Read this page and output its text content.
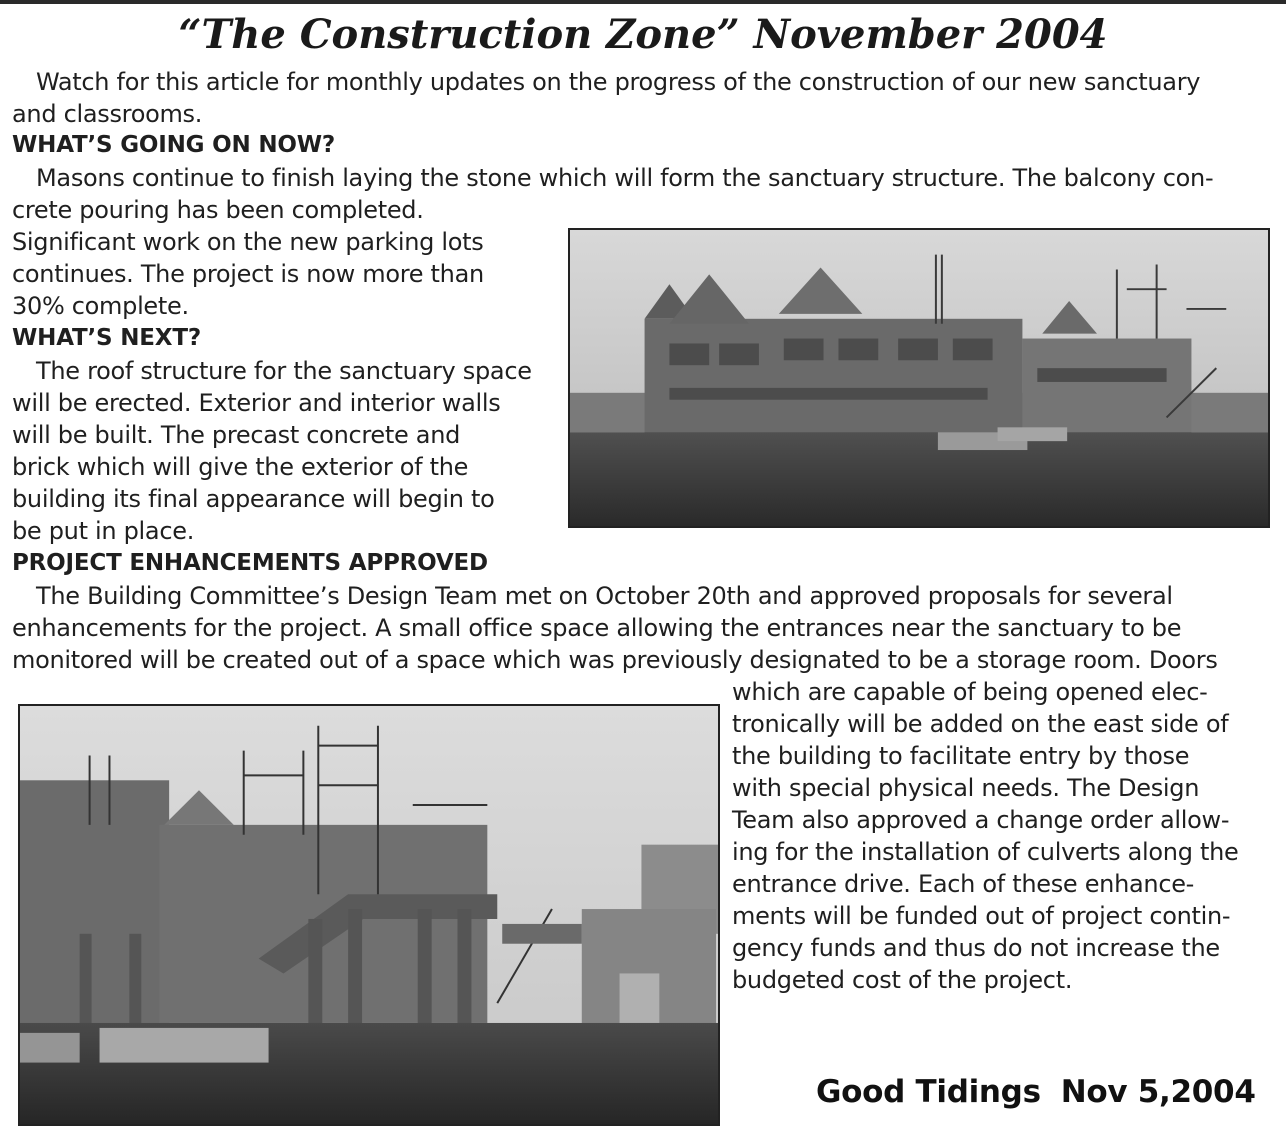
“The Construction Zone” November 2004
Watch for this article for monthly updates on the progress of the construction of our new sanctuary
and classrooms.
WHAT’S GOING ON NOW?
Masons continue to finish laying the stone which will form the sanctuary structure. The balcony con-
crete pouring has been completed.
Significant work on the new parking lots
continues. The project is now more than
30% complete.
WHAT’S NEXT?
The roof structure for the sanctuary space
will be erected. Exterior and interior walls
will be built. The precast concrete and
brick which will give the exterior of the
building its final appearance will begin to
be put in place.
PROJECT ENHANCEMENTS APPROVED
The Building Committee’s Design Team met on October 20th and approved proposals for several
enhancements for the project. A small office space allowing the entrances near the sanctuary to be
monitored will be created out of a space which was previously designated to be a storage room. Doors
which are capable of being opened elec-
tronically will be added on the east side of
the building to facilitate entry by those
with special physical needs. The Design
Team also approved a change order allow-
ing for the installation of culverts along the
entrance drive. Each of these enhance-
ments will be funded out of project contin-
gency funds and thus do not increase the
budgeted cost of the project.
Good Tidings Nov 5,2004
